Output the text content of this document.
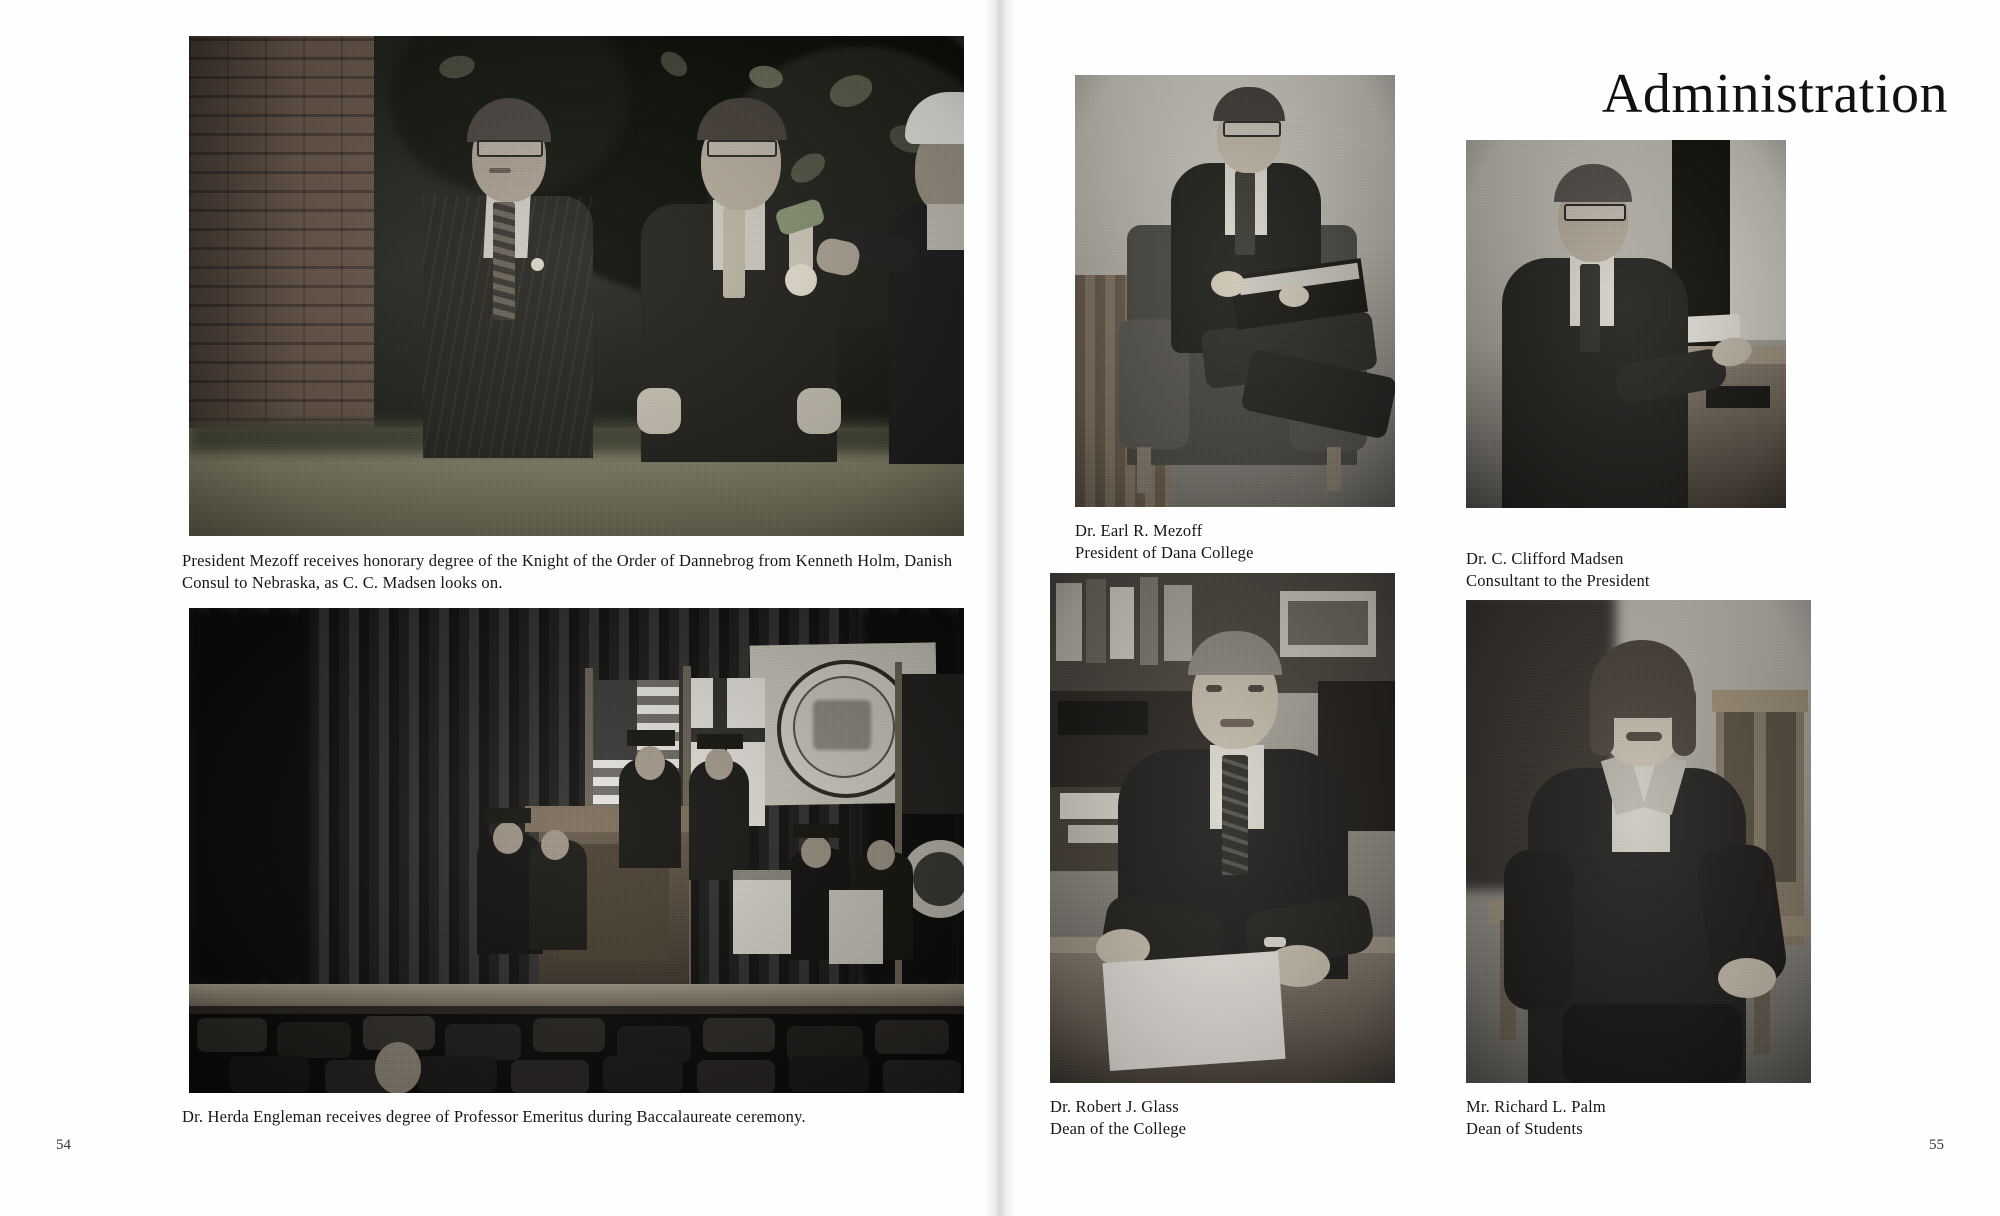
President Mezoff receives honorary degree of the Knight of the Order of Dannebrog from Kenneth Holm, Danish Consul to Nebraska, as C. C. Madsen looks on.
Dr. Herda Engleman receives degree of Professor Emeritus during Baccalaureate ceremony.
54
Administration
Dr. Earl R. Mezoff
President of Dana College	Dr. C. Clifford Madsen
Consultant to the President
Dr. Robert J. Glass
Dean of the College
Mr. Richard L. Palm
Dean of Students
55
